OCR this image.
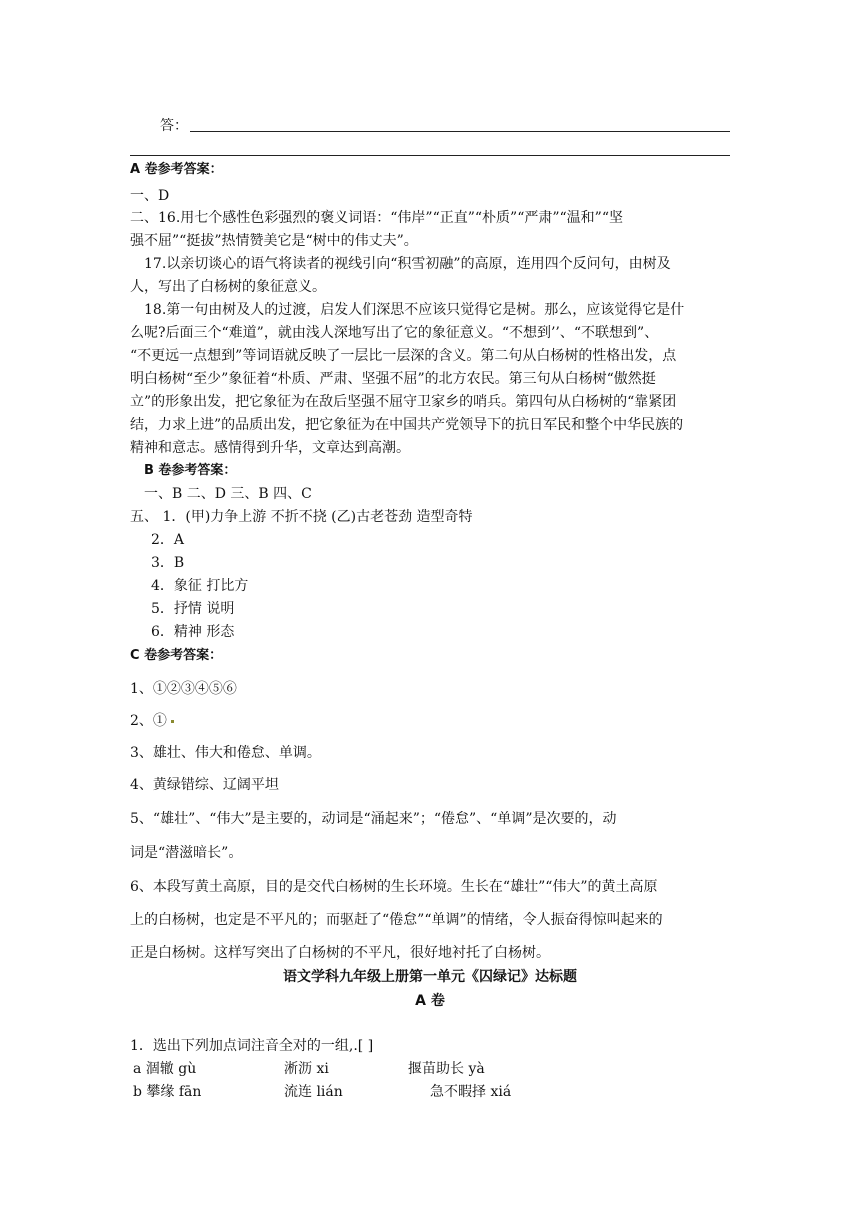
答：
A 卷参考答案：
一、D
二、16.用七个感性色彩强烈的褒义词语：“伟岸”“正直”“朴质”“严肃”“温和”“坚
强不屈”“挺拔”热情赞美它是“树中的伟丈夫”。
17.以亲切谈心的语气将读者的视线引向“积雪初融”的高原，连用四个反问句，由树及
人，写出了白杨树的象征意义。
18.第一句由树及人的过渡，启发人们深思不应该只觉得它是树。那么，应该觉得它是什
么呢?后面三个“难道”，就由浅人深地写出了它的象征意义。“不想到’’、“不联想到”、
“不更远一点想到”等词语就反映了一层比一层深的含义。第二句从白杨树的性格出发，点
明白杨树“至少”象征着“朴质、严肃、坚强不屈”的北方农民。第三句从白杨树“傲然挺
立”的形象出发，把它象征为在敌后坚强不屈守卫家乡的哨兵。第四句从白杨树的“靠紧团
结，力求上进”的品质出发，把它象征为在中国共产党领导下的抗日军民和整个中华民族的
精神和意志。感情得到升华，文章达到高潮。
B 卷参考答案：
一、B 二、D 三、B 四、C
五、 1．(甲)力争上游 不折不挠 (乙)古老苍劲 造型奇特
2．A
3．B
4．象征 打比方
5．抒情 说明
6．精神 形态
C 卷参考答案：
1、①②③④⑤⑥
2、①
3、雄壮、伟大和倦怠、单调。
4、黄绿错综、辽阔平坦
5、“雄壮”、“伟大”是主要的，动词是“涌起来”；“倦怠”、“单调”是次要的，动
词是“潜滋暗长”。
6、本段写黄土高原，目的是交代白杨树的生长环境。生长在“雄壮”“伟大”的黄土高原
上的白杨树，也定是不平凡的；而驱赶了“倦怠”“单调”的情绪，令人振奋得惊叫起来的
正是白杨树。这样写突出了白杨树的不平凡，很好地衬托了白杨树。
语文学科九年级上册第一单元《囚绿记》达标题
A 卷
1．选出下列加点词注音全对的一组,.[ ]
a 涸辙 gù	淅沥 xi	揠苗助长 yà
b 攀缘 fān	流连 lián	急不暇择 xiá
